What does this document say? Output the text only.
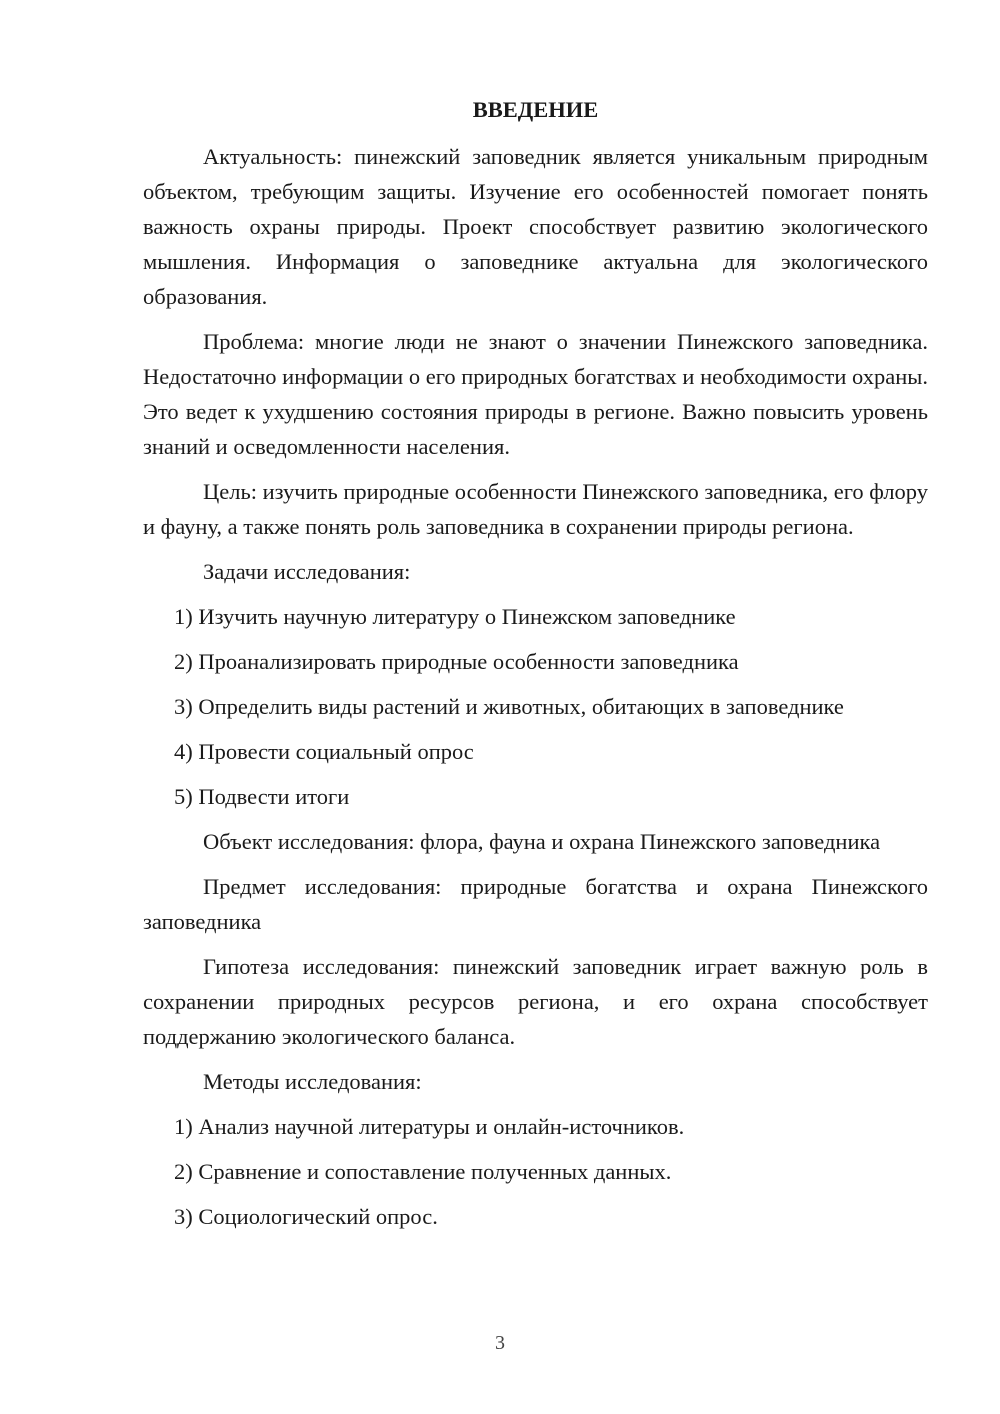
ВВЕДЕНИЕ

Актуальность: пинежский заповедник является уникальным природным объектом, требующим защиты. Изучение его особенностей помогает понять важность охраны природы. Проект способствует развитию экологического мышления. Информация о заповеднике актуальна для экологического образования.

Проблема: многие люди не знают о значении Пинежского заповедника. Недостаточно информации о его природных богатствах и необходимости охраны. Это ведет к ухудшению состояния природы в регионе. Важно повысить уровень знаний и осведомленности населения.

Цель: изучить природные особенности Пинежского заповедника, его флору и фауну, а также понять роль заповедника в сохранении природы региона.

Задачи исследования:

1) Изучить научную литературу о Пинежском заповеднике
2) Проанализировать природные особенности заповедника
3) Определить виды растений и животных, обитающих в заповеднике
4) Провести социальный опрос
5) Подвести итоги

Объект исследования: флора, фауна и охрана Пинежского заповедника

Предмет исследования: природные богатства и охрана Пинежского заповедника

Гипотеза исследования: пинежский заповедник играет важную роль в сохранении природных ресурсов региона, и его охрана способствует поддержанию экологического баланса.

Методы исследования:

1) Анализ научной литературы и онлайн-источников.
2) Сравнение и сопоставление полученных данных.
3) Социологический опрос.
3
